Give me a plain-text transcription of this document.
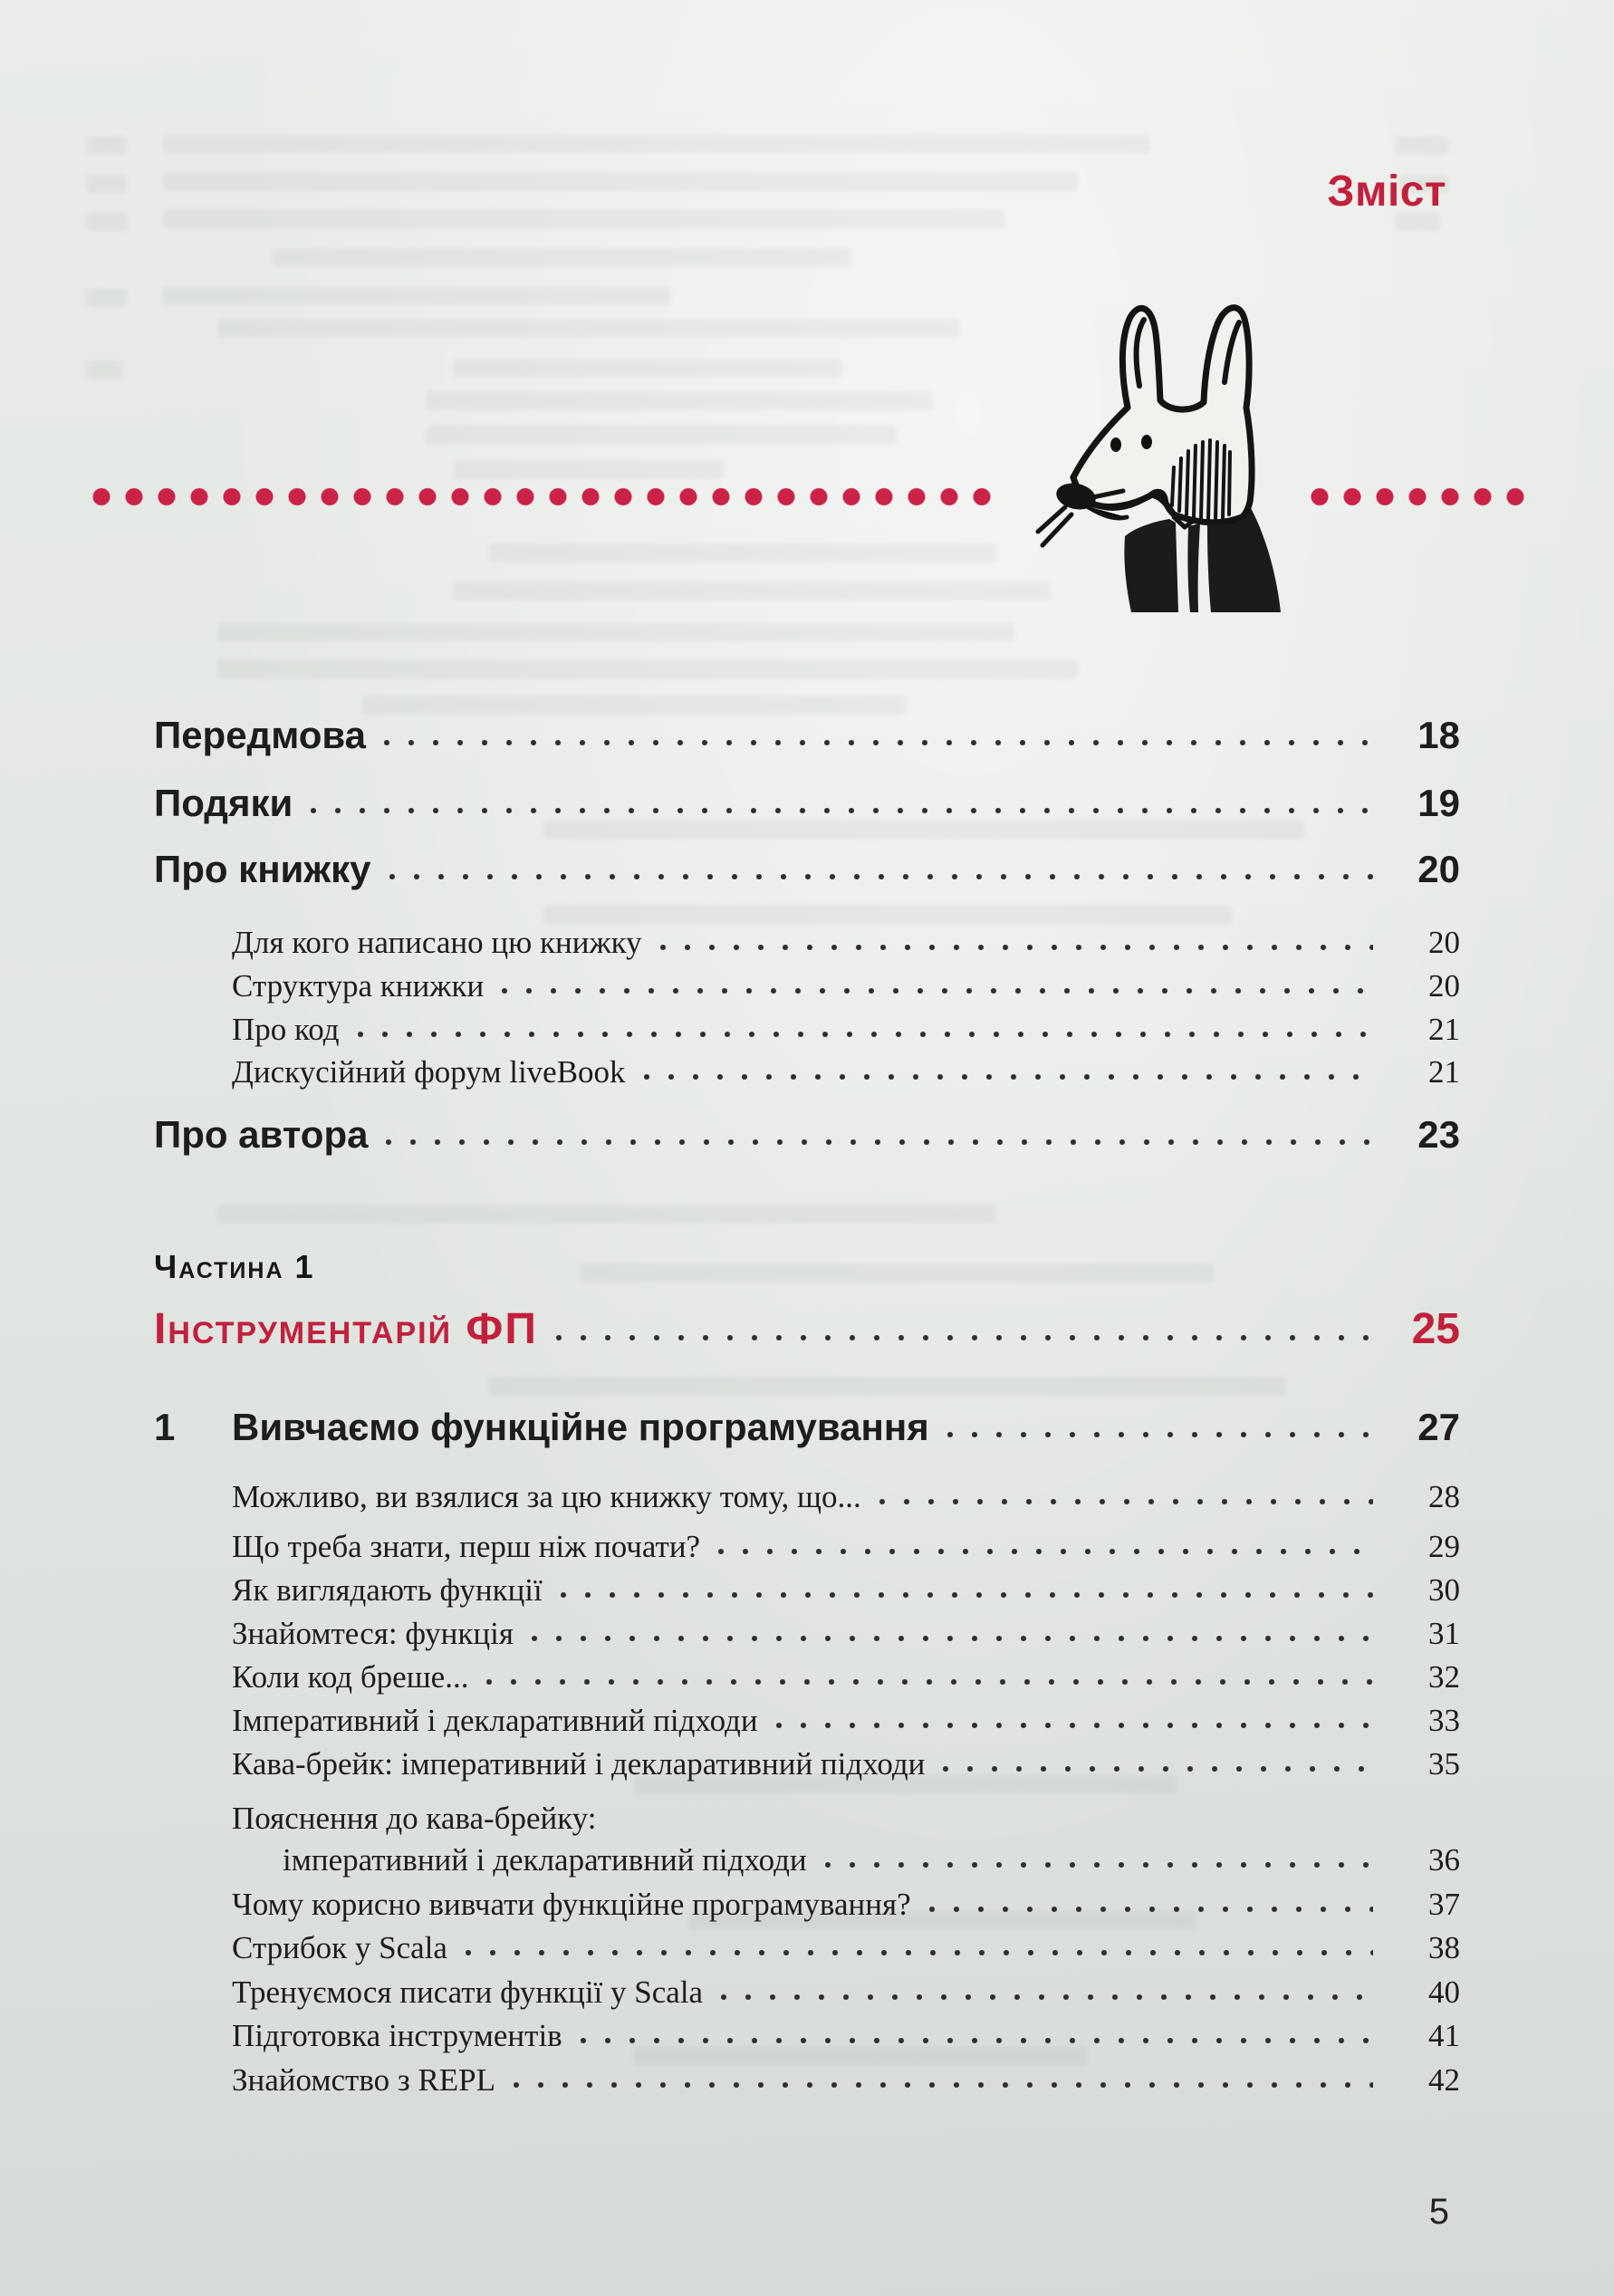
Зміст
Передмова	18
Подяки	19
Про книжку	20
Для кого написано цю книжку	20
Структура книжки	20
Про код	21
Дискусійний форум liveBook	21
Про автора	23
Частина 1
Інструментарій ФП	25
1	Вивчаємо функційне програмування	27
Можливо, ви взялися за цю книжку тому, що...	28
Що треба знати, перш ніж почати?	29
Як виглядають функції	30
Знайомтеся: функція	31
Коли код бреше...	32
Імперативний і декларативний підходи	33
Кава-брейк: імперативний і декларативний підходи	35
Пояснення до кава-брейку:
імперативний і декларативний підходи	36
Чому корисно вивчати функційне програмування?	37
Стрибок у Scala	38
Тренуємося писати функції у Scala	40
Підготовка інструментів	41
Знайомство з REPL	42
5
